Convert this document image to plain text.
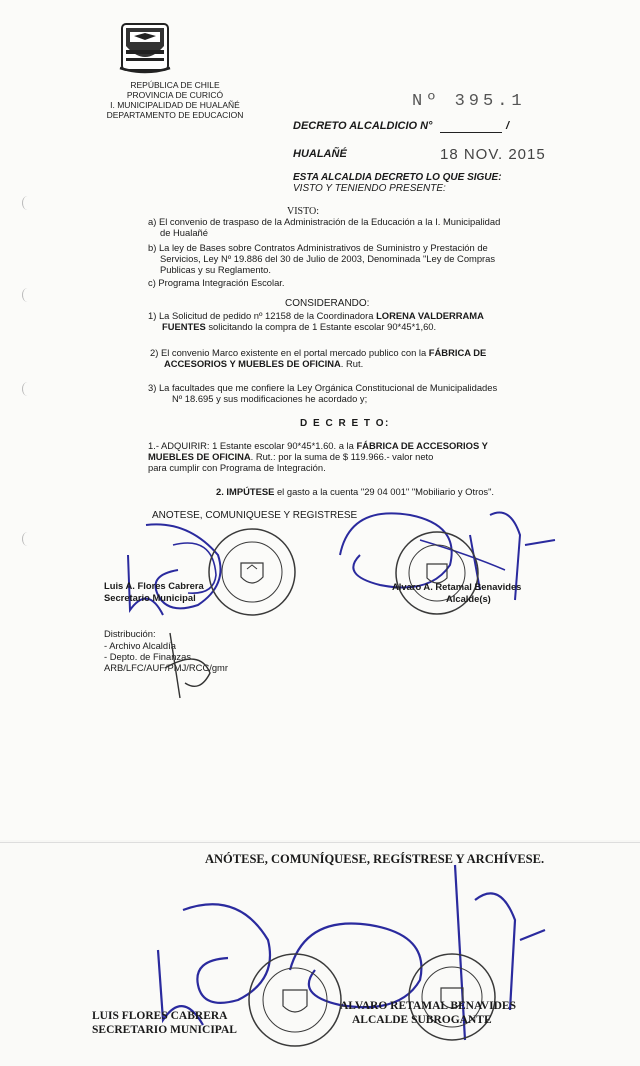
REPÚBLICA DE CHILE
PROVINCIA DE CURICÓ
I. MUNICIPALIDAD DE HUALAÑÉ
DEPARTAMENTO DE EDUCACION
Nº 395.1
DECRETO ALCALDICIO N°	/
HUALAÑÉ	18 NOV. 2015
ESTA ALCALDIA DECRETO LO QUE SIGUE:
VISTO Y TENIENDO PRESENTE:
VISTO:
a) El convenio de traspaso de la Administración de la Educación a la I. Municipalidad
de Hualañé
b) La ley de Bases sobre Contratos Administrativos de Suministro y Prestación de
Servicios, Ley Nº 19.886 del 30 de Julio de 2003, Denominada "Ley de Compras
Publicas y su Reglamento.
c) Programa Integración Escolar.
CONSIDERANDO:
1) La Solicitud de pedido nº 12158 de la Coordinadora LORENA VALDERRAMA
FUENTES solicitando la compra de 1 Estante escolar 90*45*1,60.
2) El convenio Marco existente en el portal mercado publico con la FÁBRICA DE
ACCESORIOS Y MUEBLES DE OFICINA. Rut.
3) La facultades que me confiere la Ley Orgánica Constitucional de Municipalidades
Nº 18.695 y sus modificaciones he acordado y;
D E C R E T O:
1.- ADQUIRIR: 1 Estante escolar 90*45*1.60. a la FÁBRICA DE ACCESORIOS Y
MUEBLES DE OFICINA. Rut.: por la suma de $ 119.966.- valor neto
para cumplir con Programa de Integración.
2. IMPÚTESE el gasto a la cuenta "29 04 001" "Mobiliario y Otros".
ANOTESE, COMUNIQUESE Y REGISTRESE
Luis A. Flores Cabrera
Secretario Municipal
Alvaro A. Retamal Benavides
Alcalde(s)
Distribución:
- Archivo Alcaldía
- Depto. de Finanzas
ARB/LFC/AUF/PMJ/RCC/gmr
ANÓTESE, COMUNÍQUESE, REGÍSTRESE Y ARCHÍVESE.
LUIS FLORES CABRERA
SECRETARIO MUNICIPAL
ALVARO RETAMAL BENAVIDES
ALCALDE SUBROGANTE
